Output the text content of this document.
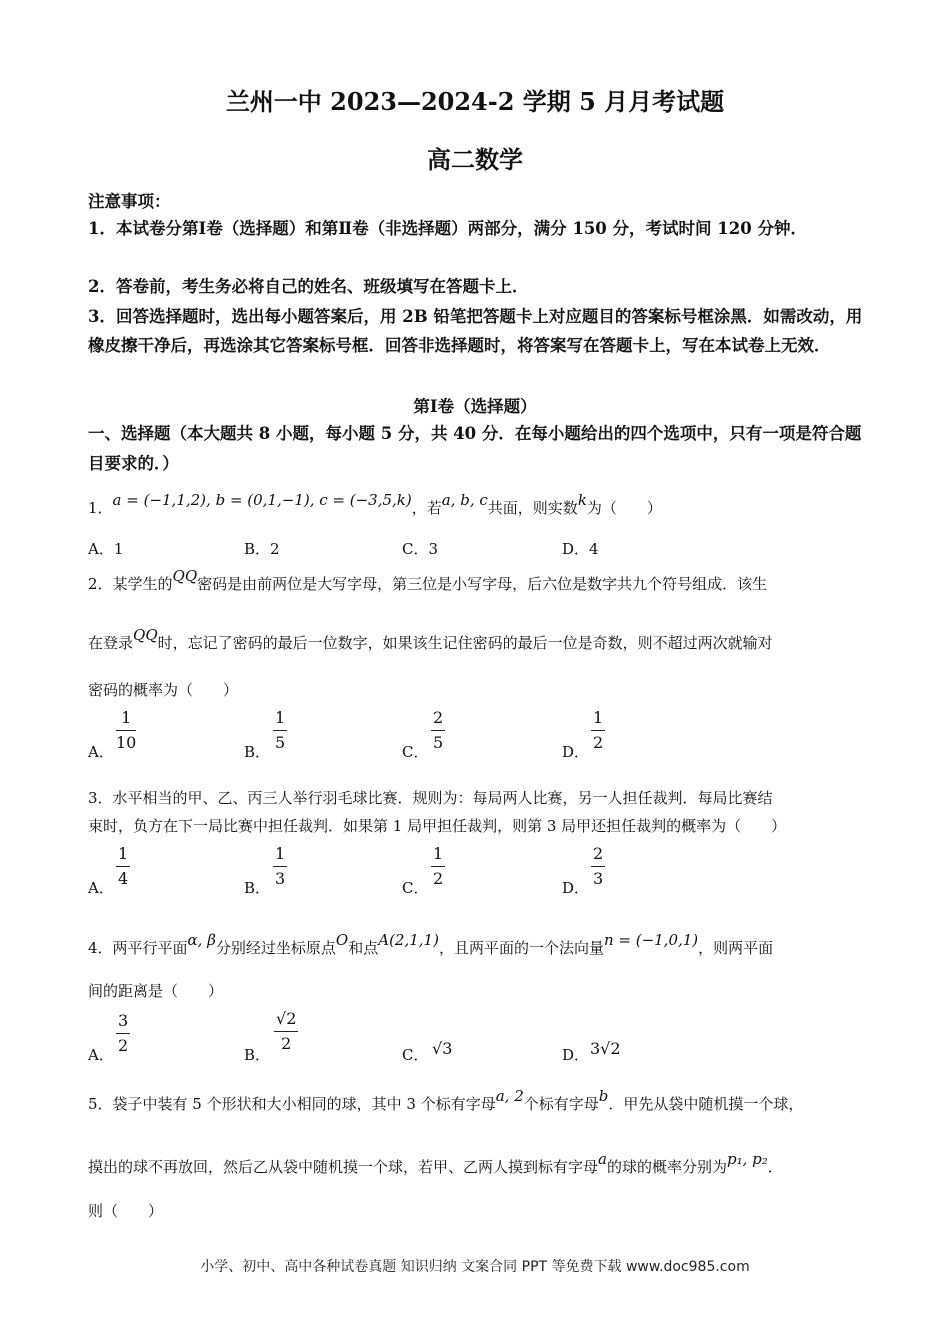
兰州一中 2023—2024-2 学期 5 月月考试题
高二数学
注意事项：
1．本试卷分第Ⅰ卷（选择题）和第Ⅱ卷（非选择题）两部分，满分 150 分，考试时间 120 分钟．
2．答卷前，考生务必将自己的姓名、班级填写在答题卡上．
3．回答选择题时，选出每小题答案后，用 2B 铅笔把答题卡上对应题目的答案标号框涂黑．如需改动，用橡皮擦干净后，再选涂其它答案标号框．回答非选择题时，将答案写在答题卡上，写在本试卷上无效．
第Ⅰ卷（选择题）
一、选择题（本大题共 8 小题，每小题 5 分，共 40 分．在每小题给出的四个选项中，只有一项是符合题目要求的．）
1．a = (−1,1,2), b = (0,1,−1), c = (−3,5,k)，若a, b, c共面，则实数k为（　　）
A．1	B．2	C．3	D．4
2．某学生的QQ密码是由前两位是大写字母，第三位是小写字母，后六位是数字共九个符号组成．该生
在登录QQ时，忘记了密码的最后一位数字，如果该生记住密码的最后一位是奇数，则不超过两次就输对
密码的概率为（　　）
A．
1
10	B．
1
5	C．
2
5	D．
1
2
3．水平相当的甲、乙、丙三人举行羽毛球比赛．规则为：每局两人比赛，另一人担任裁判．每局比赛结
束时，负方在下一局比赛中担任裁判．如果第 1 局甲担任裁判，则第 3 局甲还担任裁判的概率为（　　）
A．
1
4	B．
1
3	C．
1
2	D．
2
3
4．两平行平面α, β分别经过坐标原点O和点A(2,1,1)，且两平面的一个法向量n = (−1,0,1)，则两平面
间的距离是（　　）
A．
3
2	B．
√2
2
C． √3	D． 3√2
5．袋子中装有 5 个形状和大小相同的球，其中 3 个标有字母a, 2个标有字母b．甲先从袋中随机摸一个球，
摸出的球不再放回，然后乙从袋中随机摸一个球，若甲、乙两人摸到标有字母a的球的概率分别为p₁, p₂．
则（　　）
小学、初中、高中各种试卷真题 知识归纳 文案合同 PPT 等免费下载 www.doc985.com
